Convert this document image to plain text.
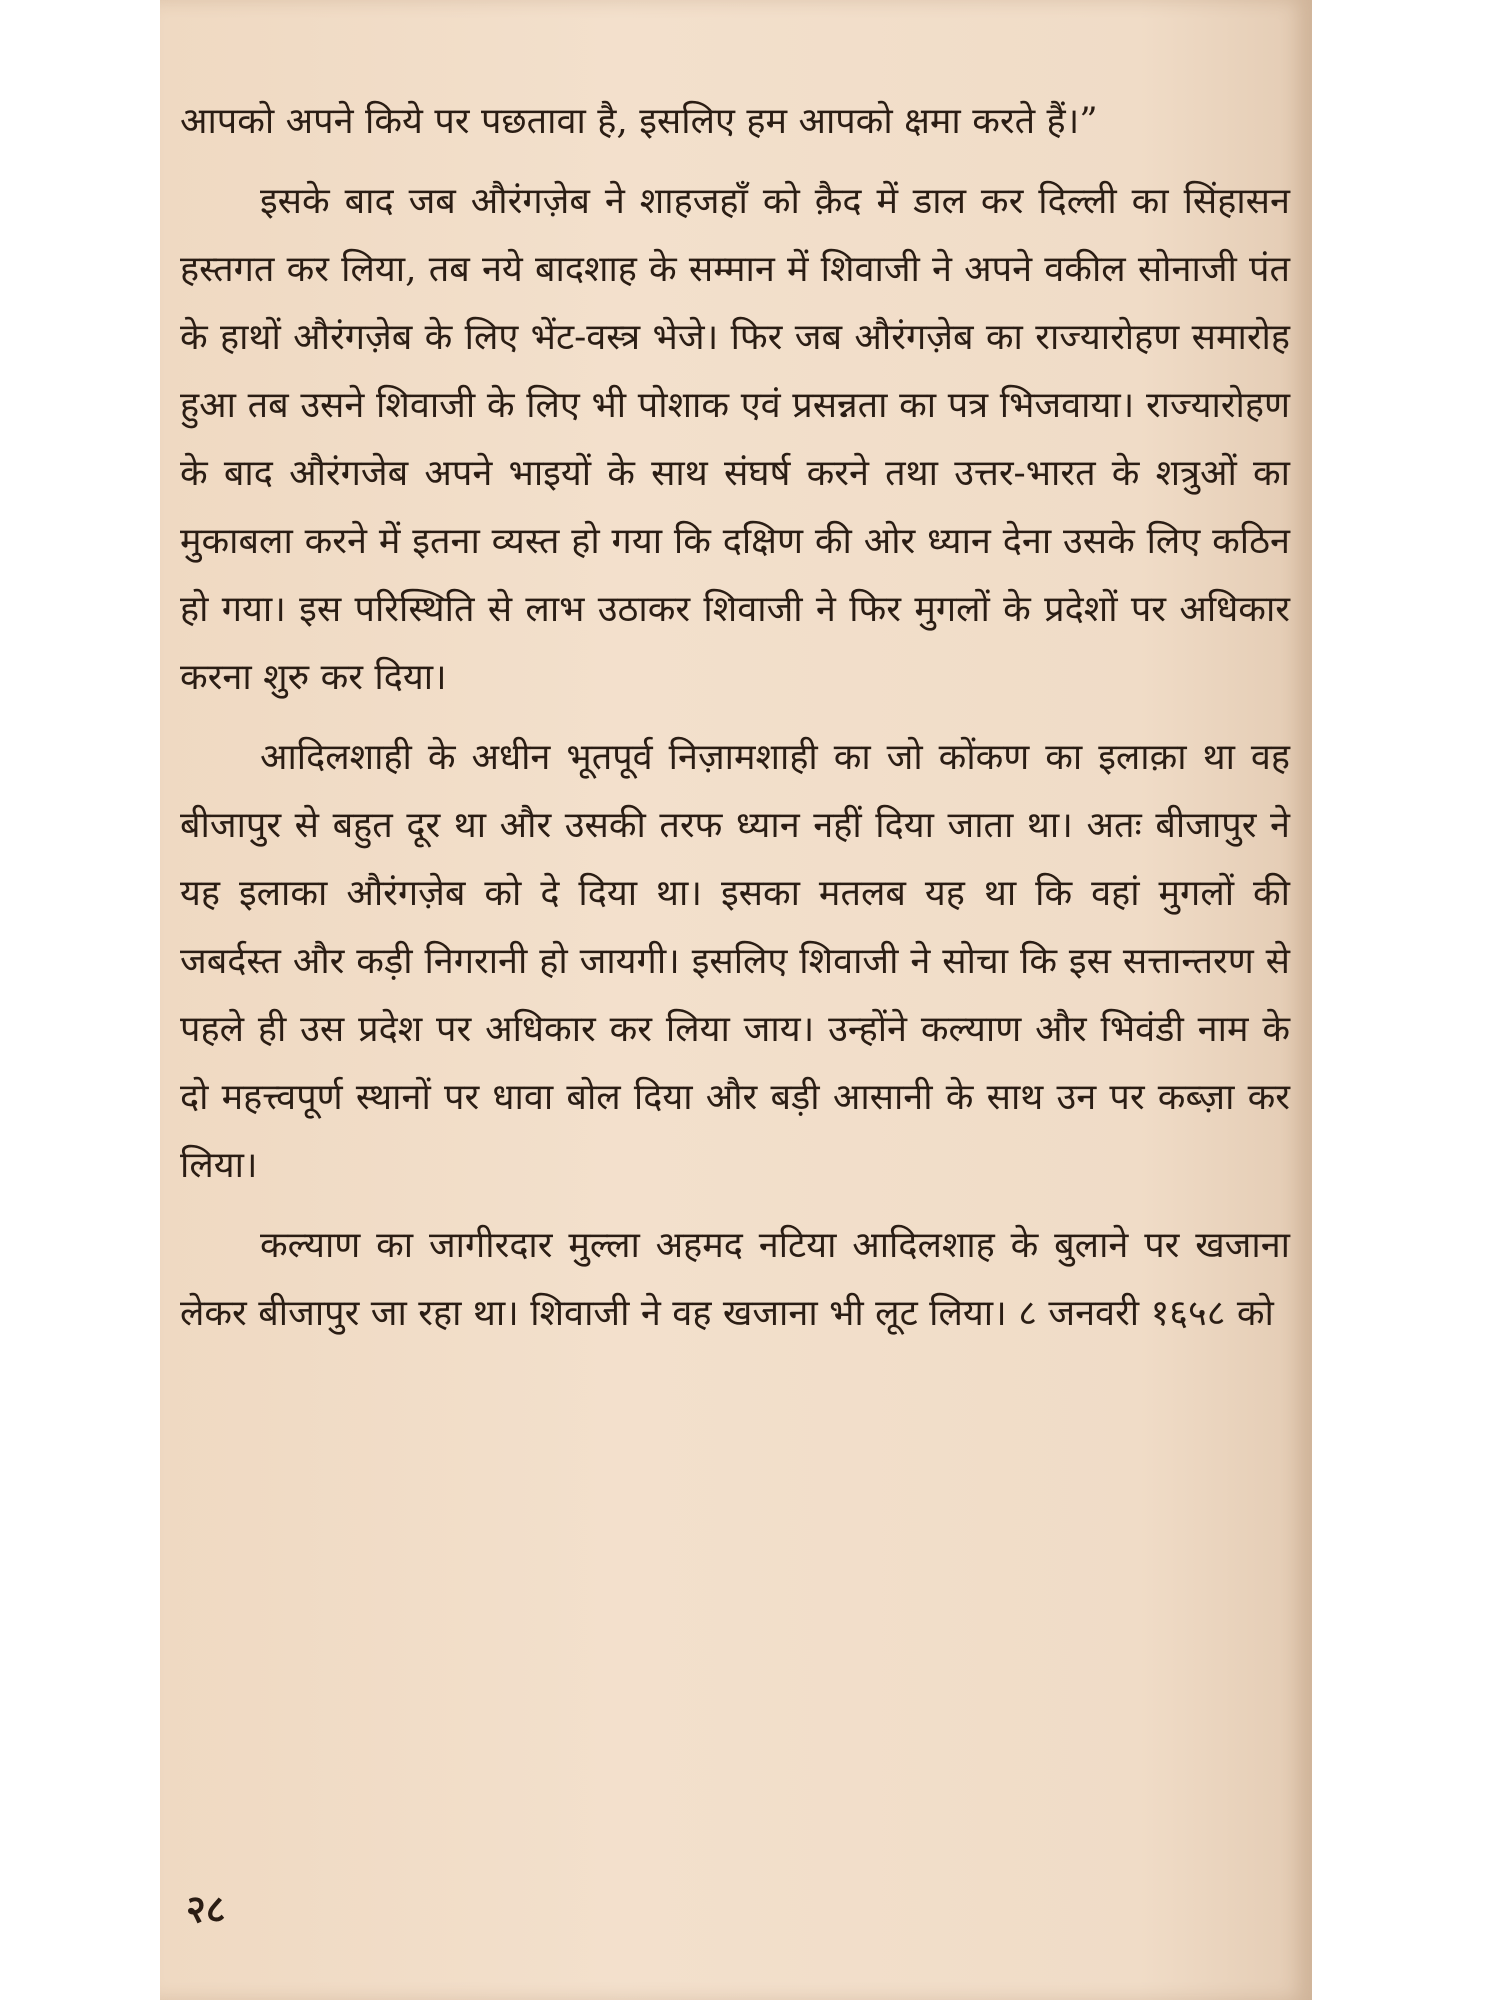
आपको अपने किये पर पछतावा है, इसलिए हम आपको क्षमा करते हैं।”

इसके बाद जब औरंगज़ेब ने शाहजहाँ को क़ैद में डाल कर दिल्ली का सिंहासन हस्तगत कर लिया, तब नये बादशाह के सम्मान में शिवाजी ने अपने वकील सोनाजी पंत के हाथों औरंगज़ेब के लिए भेंट-वस्त्र भेजे। फिर जब औरंगज़ेब का राज्यारोहण समारोह हुआ तब उसने शिवाजी के लिए भी पोशाक एवं प्रसन्नता का पत्र भिजवाया। राज्यारोहण के बाद औरंगजेब अपने भाइयों के साथ संघर्ष करने तथा उत्तर-भारत के शत्रुओं का मुकाबला करने में इतना व्यस्त हो गया कि दक्षिण की ओर ध्यान देना उसके लिए कठिन हो गया। इस परिस्थिति से लाभ उठाकर शिवाजी ने फिर मुगलों के प्रदेशों पर अधिकार करना शुरु कर दिया।

आदिलशाही के अधीन भूतपूर्व निज़ामशाही का जो कोंकण का इलाक़ा था वह बीजापुर से बहुत दूर था और उसकी तरफ ध्यान नहीं दिया जाता था। अतः बीजापुर ने यह इलाका औरंगज़ेब को दे दिया था। इसका मतलब यह था कि वहां मुगलों की जबर्दस्त और कड़ी निगरानी हो जायगी। इसलिए शिवाजी ने सोचा कि इस सत्तान्तरण से पहले ही उस प्रदेश पर अधिकार कर लिया जाय। उन्होंने कल्याण और भिवंडी नाम के दो महत्त्वपूर्ण स्थानों पर धावा बोल दिया और बड़ी आसानी के साथ उन पर कब्ज़ा कर लिया।

कल्याण का जागीरदार मुल्ला अहमद नटिया आदिलशाह के बुलाने पर खजाना लेकर बीजापुर जा रहा था। शिवाजी ने वह खजाना भी लूट लिया। ८ जनवरी १६५८ को

२८
